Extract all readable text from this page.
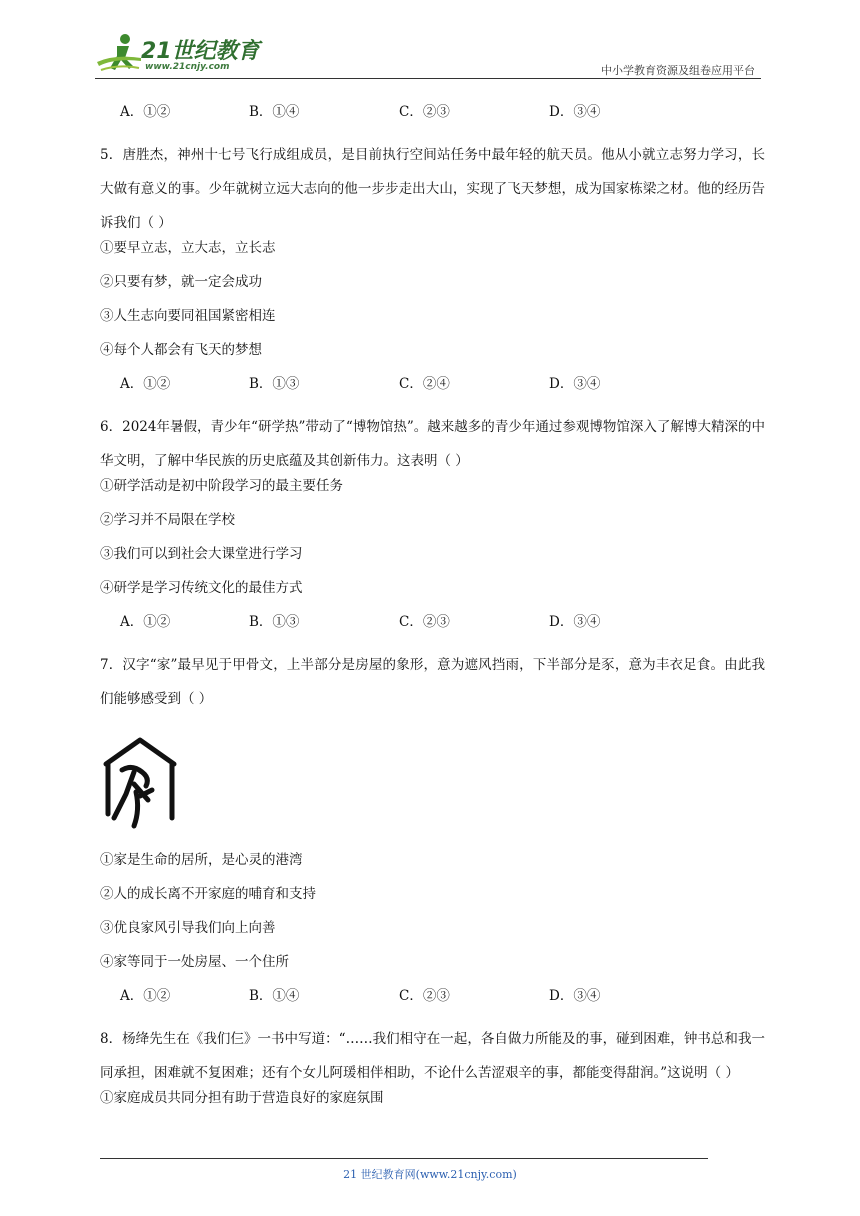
21世纪教育
www.21cnjy.com	中小学教育资源及组卷应用平台
A．①②	B．①④	C．②③	D．③④

5．唐胜杰，神州十七号飞行成组成员，是目前执行空间站任务中最年轻的航天员。他从小就立志努力学习，长大做有意义的事。少年就树立远大志向的他一步步走出大山，实现了飞天梦想，成为国家栋梁之材。他的经历告诉我们（ ）

①要早立志，立大志，立长志

②只要有梦，就一定会成功

③人生志向要同祖国紧密相连

④每个人都会有飞天的梦想

A．①②	B．①③	C．②④	D．③④

6．2024年暑假，青少年“研学热”带动了“博物馆热”。越来越多的青少年通过参观博物馆深入了解博大精深的中华文明，了解中华民族的历史底蕴及其创新伟力。这表明（ ）

①研学活动是初中阶段学习的最主要任务

②学习并不局限在学校

③我们可以到社会大课堂进行学习

④研学是学习传统文化的最佳方式

A．①②	B．①③	C．②③	D．③④

7．汉字“家”最早见于甲骨文，上半部分是房屋的象形，意为遮风挡雨，下半部分是豕，意为丰衣足食。由此我们能够感受到（ ）

①家是生命的居所，是心灵的港湾

②人的成长离不开家庭的哺育和支持

③优良家风引导我们向上向善

④家等同于一处房屋、一个住所

A．①②	B．①④	C．②③	D．③④

8．杨绛先生在《我们仨》一书中写道：“……我们相守在一起，各自做力所能及的事，碰到困难，钟书总和我一同承担，困难就不复困难；还有个女儿阿瑗相伴相助，不论什么苦涩艰辛的事，都能变得甜润。”这说明（ ）

①家庭成员共同分担有助于营造良好的家庭氛围

21 世纪教育网(www.21cnjy.com)
